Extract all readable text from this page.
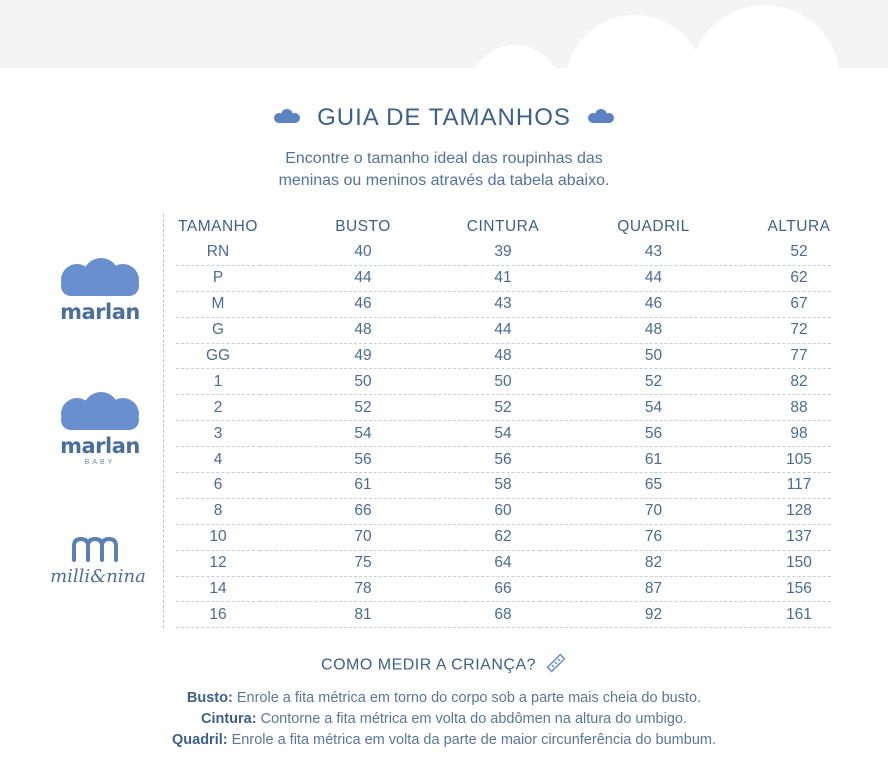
GUIA DE TAMANHOS
Encontre o tamanho ideal das roupinhas das
meninas ou meninos através da tabela abaixo.
marlan
marlan
BABY
milli&nina
TAMANHO	BUSTO	CINTURA	QUADRIL	ALTURA
RN	40	39	43	52
P	44	41	44	62
M	46	43	46	67
G	48	44	48	72
GG	49	48	50	77
1	50	50	52	82
2	52	52	54	88
3	54	54	56	98
4	56	56	61	105
6	61	58	65	117
8	66	60	70	128
10	70	62	76	137
12	75	64	82	150
14	78	66	87	156
16	81	68	92	161
COMO MEDIR A CRIANÇA?
Busto: Enrole a fita métrica em torno do corpo sob a parte mais cheia do busto.
Cintura: Contorne a fita métrica em volta do abdômen na altura do umbigo.
Quadril: Enrole a fita métrica em volta da parte de maior circunferência do bumbum.
